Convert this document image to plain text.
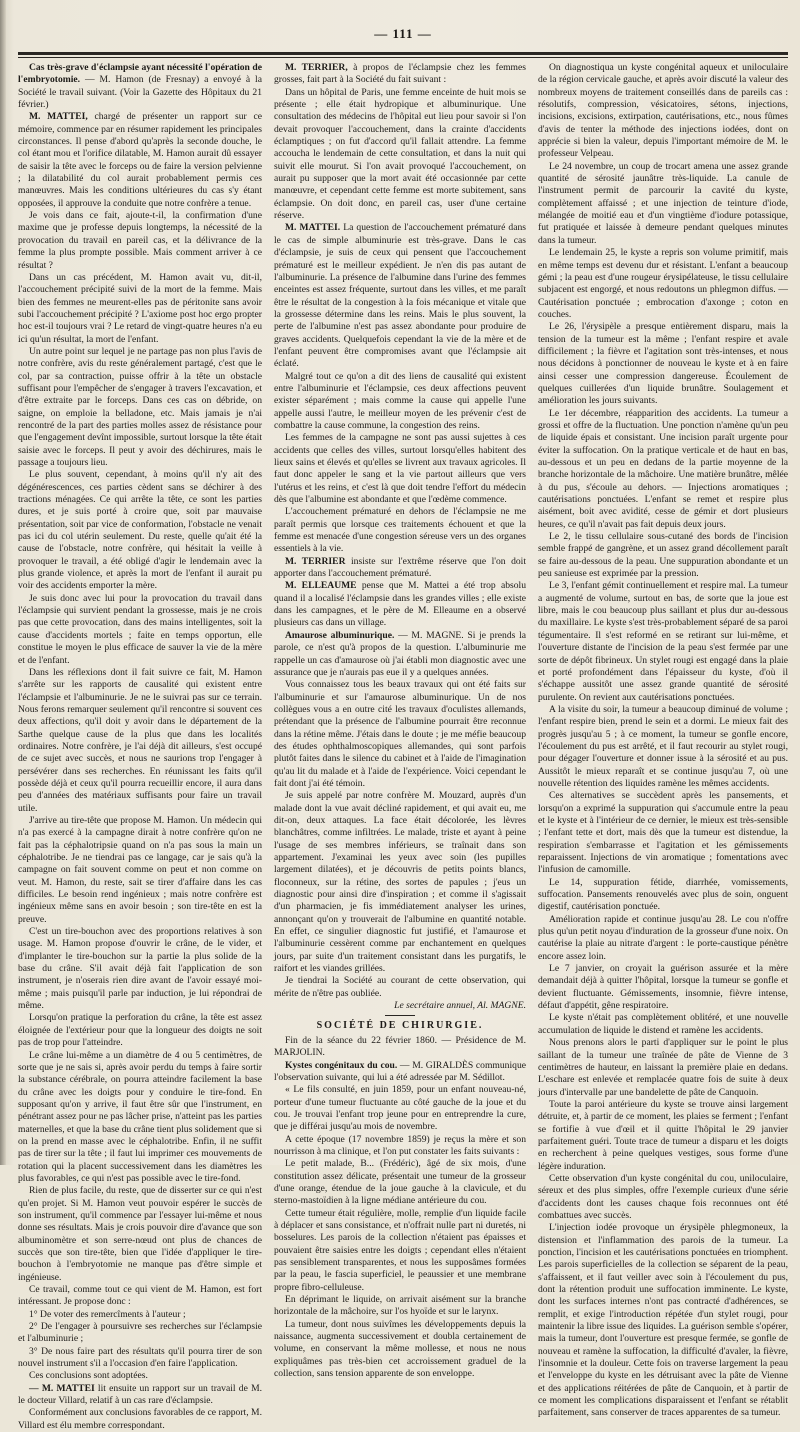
— 111 —

Cas très-grave d'éclampsie ayant nécessité l'opération de l'embryotomie. — M. Hamon (de Fresnay) a envoyé à la Société le travail suivant. (Voir la Gazette des Hôpitaux du 21 février.)

M. MATTEI, chargé de présenter un rapport sur ce mémoire, commence par en résumer rapidement les principales circonstances. Il pense d'abord qu'après la seconde douche, le col étant mou et l'orifice dilatable, M. Hamon aurait dû essayer de saisir la tête avec le forceps ou de faire la version pelvienne ; la dilatabilité du col aurait probablement permis ces manœuvres. Mais les conditions ultérieures du cas s'y étant opposées, il approuve la conduite que notre confrère a tenue.

Je vois dans ce fait, ajoute-t-il, la confirmation d'une maxime que je professe depuis longtemps, la nécessité de la provocation du travail en pareil cas, et la délivrance de la femme la plus prompte possible. Mais comment arriver à ce résultat ?

Dans un cas précédent, M. Hamon avait vu, dit-il, l'accouchement précipité suivi de la mort de la femme. Mais bien des femmes ne meurent-elles pas de péritonite sans avoir subi l'accouchement précipité ? L'axiome post hoc ergo propter hoc est-il toujours vrai ? Le retard de vingt-quatre heures n'a eu ici qu'un résultat, la mort de l'enfant.

Un autre point sur lequel je ne partage pas non plus l'avis de notre confrère, avis du reste généralement partagé, c'est que le col, par sa contraction, puisse offrir à la tête un obstacle suffisant pour l'empêcher de s'engager à travers l'excavation, et d'être extraite par le forceps. Dans ces cas on débride, on saigne, on emploie la belladone, etc. Mais jamais je n'ai rencontré de la part des parties molles assez de résistance pour que l'engagement devînt impossible, surtout lorsque la tête était saisie avec le forceps. Il peut y avoir des déchirures, mais le passage a toujours lieu.

Le plus souvent, cependant, à moins qu'il n'y ait des dégénérescences, ces parties cèdent sans se déchirer à des tractions ménagées. Ce qui arrête la tête, ce sont les parties dures, et je suis porté à croire que, soit par mauvaise présentation, soit par vice de conformation, l'obstacle ne venait pas ici du col utérin seulement. Du reste, quelle qu'ait été la cause de l'obstacle, notre confrère, qui hésitait la veille à provoquer le travail, a été obligé d'agir le lendemain avec la plus grande violence, et après la mort de l'enfant il aurait pu voir des accidents emporter la mère.

Je suis donc avec lui pour la provocation du travail dans l'éclampsie qui survient pendant la grossesse, mais je ne crois pas que cette provocation, dans des mains intelligentes, soit la cause d'accidents mortels ; faite en temps opportun, elle constitue le moyen le plus efficace de sauver la vie de la mère et de l'enfant.

Dans les réflexions dont il fait suivre ce fait, M. Hamon s'arrête sur les rapports de causalité qui existent entre l'éclampsie et l'albuminurie. Je ne le suivrai pas sur ce terrain. Nous ferons remarquer seulement qu'il rencontre si souvent ces deux affections, qu'il doit y avoir dans le département de la Sarthe quelque cause de la plus que dans les localités ordinaires. Notre confrère, je l'ai déjà dit ailleurs, s'est occupé de ce sujet avec succès, et nous ne saurions trop l'engager à persévérer dans ses recherches. En réunissant les faits qu'il possède déjà et ceux qu'il pourra recueillir encore, il aura dans peu d'années des matériaux suffisants pour faire un travail utile.

J'arrive au tire-tête que propose M. Hamon. Un médecin qui n'a pas exercé à la campagne dirait à notre confrère qu'on ne fait pas la céphalotripsie quand on n'a pas sous la main un céphalotribe. Je ne tiendrai pas ce langage, car je sais qu'à la campagne on fait souvent comme on peut et non comme on veut. M. Hamon, du reste, sait se tirer d'affaire dans les cas difficiles. Le besoin rend ingénieux ; mais notre confrère est ingénieux même sans en avoir besoin ; son tire-tête en est la preuve.

C'est un tire-bouchon avec des proportions relatives à son usage. M. Hamon propose d'ouvrir le crâne, de le vider, et d'implanter le tire-bouchon sur la partie la plus solide de la base du crâne. S'il avait déjà fait l'application de son instrument, je n'oserais rien dire avant de l'avoir essayé moi-même ; mais puisqu'il parle par induction, je lui répondrai de même.

Lorsqu'on pratique la perforation du crâne, la tête est assez éloignée de l'extérieur pour que la longueur des doigts ne soit pas de trop pour l'atteindre.

Le crâne lui-même a un diamètre de 4 ou 5 centimètres, de sorte que je ne sais si, après avoir perdu du temps à faire sortir la substance cérébrale, on pourra atteindre facilement la base du crâne avec les doigts pour y conduire le tire-fond. En supposant qu'on y arrive, il faut être sûr que l'instrument, en pénétrant assez pour ne pas lâcher prise, n'atteint pas les parties maternelles, et que la base du crâne tient plus solidement que si on la prend en masse avec le céphalotribe. Enfin, il ne suffit pas de tirer sur la tête ; il faut lui imprimer ces mouvements de rotation qui la placent successivement dans les diamètres les plus favorables, ce qui n'est pas possible avec le tire-fond.

Rien de plus facile, du reste, que de disserter sur ce qui n'est qu'en projet. Si M. Hamon veut pouvoir espérer le succès de son instrument, qu'il commence par l'essayer lui-même et nous donne ses résultats. Mais je crois pouvoir dire d'avance que son albuminomètre et son serre-nœud ont plus de chances de succès que son tire-tête, bien que l'idée d'appliquer le tire-bouchon à l'embryotomie ne manque pas d'être simple et ingénieuse.

Ce travail, comme tout ce qui vient de M. Hamon, est fort intéressant. Je propose donc :

1° De voter des remercîments à l'auteur ;

2° De l'engager à poursuivre ses recherches sur l'éclampsie et l'albuminurie ;

3° De nous faire part des résultats qu'il pourra tirer de son nouvel instrument s'il a l'occasion d'en faire l'application.

Ces conclusions sont adoptées.

— M. MATTEI lit ensuite un rapport sur un travail de M. le docteur Villard, relatif à un cas rare d'éclampsie.

Conformément aux conclusions favorables de ce rapport, M. Villard est élu membre correspondant.

M. TERRIER, à propos de l'éclampsie chez les femmes grosses, fait part à la Société du fait suivant :

Dans un hôpital de Paris, une femme enceinte de huit mois se présente ; elle était hydropique et albuminurique. Une consultation des médecins de l'hôpital eut lieu pour savoir si l'on devait provoquer l'accouchement, dans la crainte d'accidents éclamptiques ; on fut d'accord qu'il fallait attendre. La femme accoucha le lendemain de cette consultation, et dans la nuit qui suivit elle mourut. Si l'on avait provoqué l'accouchement, on aurait pu supposer que la mort avait été occasionnée par cette manœuvre, et cependant cette femme est morte subitement, sans éclampsie. On doit donc, en pareil cas, user d'une certaine réserve.

M. MATTEI. La question de l'accouchement prématuré dans le cas de simple albuminurie est très-grave. Dans le cas d'éclampsie, je suis de ceux qui pensent que l'accouchement prématuré est le meilleur expédient. Je n'en dis pas autant de l'albuminurie. La présence de l'albumine dans l'urine des femmes enceintes est assez fréquente, surtout dans les villes, et me paraît être le résultat de la congestion à la fois mécanique et vitale que la grossesse détermine dans les reins. Mais le plus souvent, la perte de l'albumine n'est pas assez abondante pour produire de graves accidents. Quelquefois cependant la vie de la mère et de l'enfant peuvent être compromises avant que l'éclampsie ait éclaté.

Malgré tout ce qu'on a dit des liens de causalité qui existent entre l'albuminurie et l'éclampsie, ces deux affections peuvent exister séparément ; mais comme la cause qui appelle l'une appelle aussi l'autre, le meilleur moyen de les prévenir c'est de combattre la cause commune, la congestion des reins.

Les femmes de la campagne ne sont pas aussi sujettes à ces accidents que celles des villes, surtout lorsqu'elles habitent des lieux sains et élevés et qu'elles se livrent aux travaux agricoles. Il faut donc appeler le sang et la vie partout ailleurs que vers l'utérus et les reins, et c'est là que doit tendre l'effort du médecin dès que l'albumine est abondante et que l'œdème commence.

L'accouchement prématuré en dehors de l'éclampsie ne me paraît permis que lorsque ces traitements échouent et que la femme est menacée d'une congestion séreuse vers un des organes essentiels à la vie.

M. TERRIER insiste sur l'extrême réserve que l'on doit apporter dans l'accouchement prématuré.

M. ELLEAUME pense que M. Mattei a été trop absolu quand il a localisé l'éclampsie dans les grandes villes ; elle existe dans les campagnes, et le père de M. Elleaume en a observé plusieurs cas dans un village.

Amaurose albuminurique. — M. MAGNE. Si je prends la parole, ce n'est qu'à propos de la question. L'albuminurie me rappelle un cas d'amaurose où j'ai établi mon diagnostic avec une assurance que je n'aurais pas eue il y a quelques années.

Vous connaissez tous les beaux travaux qui ont été faits sur l'albuminurie et sur l'amaurose albuminurique. Un de nos collègues vous a en outre cité les travaux d'oculistes allemands, prétendant que la présence de l'albumine pourrait être reconnue dans la rétine même. J'étais dans le doute ; je me méfie beaucoup des études ophthalmoscopiques allemandes, qui sont parfois plutôt faites dans le silence du cabinet et à l'aide de l'imagination qu'au lit du malade et à l'aide de l'expérience. Voici cependant le fait dont j'ai été témoin.

Je suis appelé par notre confrère M. Mouzard, auprès d'un malade dont la vue avait décliné rapidement, et qui avait eu, me dit-on, deux attaques. La face était décolorée, les lèvres blanchâtres, comme infiltrées. Le malade, triste et ayant à peine l'usage de ses membres inférieurs, se traînait dans son appartement. J'examinai les yeux avec soin (les pupilles largement dilatées), et je découvris de petits points blancs, floconneux, sur la rétine, des sortes de papules ; j'eus un diagnostic pour ainsi dire d'inspiration ; et comme il s'agissait d'un pharmacien, je fis immédiatement analyser les urines, annonçant qu'on y trouverait de l'albumine en quantité notable. En effet, ce singulier diagnostic fut justifié, et l'amaurose et l'albuminurie cessèrent comme par enchantement en quelques jours, par suite d'un traitement consistant dans les purgatifs, le raifort et les viandes grillées.

Je tiendrai la Société au courant de cette observation, qui mérite de n'être pas oubliée.

Le secrétaire annuel, Al. MAGNE.

SOCIÉTÉ DE CHIRURGIE.

Fin de la séance du 22 février 1860. — Présidence de M. MARJOLIN.

Kystes congénitaux du cou. — M. GIRALDÈS communique l'observation suivante, qui lui a été adressée par M. Sédillot.

« Le fils consulté, en juin 1859, pour un enfant nouveau-né, porteur d'une tumeur fluctuante au côté gauche de la joue et du cou. Je trouvai l'enfant trop jeune pour en entreprendre la cure, que je différai jusqu'au mois de novembre.

A cette époque (17 novembre 1859) je reçus la mère et son nourrisson à ma clinique, et l'on put constater les faits suivants :

Le petit malade, B... (Frédéric), âgé de six mois, d'une constitution assez délicate, présentait une tumeur de la grosseur d'une orange, étendue de la joue gauche à la clavicule, et du sterno-mastoïdien à la ligne médiane antérieure du cou.

Cette tumeur était régulière, molle, remplie d'un liquide facile à déplacer et sans consistance, et n'offrait nulle part ni duretés, ni bosselures. Les parois de la collection n'étaient pas épaisses et pouvaient être saisies entre les doigts ; cependant elles n'étaient pas sensiblement transparentes, et nous les supposâmes formées par la peau, le fascia superficiel, le peaussier et une membrane propre fibro-celluleuse.

En déprimant le liquide, on arrivait aisément sur la branche horizontale de la mâchoire, sur l'os hyoïde et sur le larynx.

La tumeur, dont nous suivîmes les développements depuis la naissance, augmenta successivement et doubla certainement de volume, en conservant la même mollesse, et nous ne nous expliquâmes pas très-bien cet accroissement graduel de la collection, sans tension apparente de son enveloppe.

On diagnostiqua un kyste congénital aqueux et uniloculaire de la région cervicale gauche, et après avoir discuté la valeur des nombreux moyens de traitement conseillés dans de pareils cas : résolutifs, compression, vésicatoires, sétons, injections, incisions, excisions, extirpation, cautérisations, etc., nous fûmes d'avis de tenter la méthode des injections iodées, dont on apprécie si bien la valeur, depuis l'important mémoire de M. le professeur Velpeau.

Le 24 novembre, un coup de trocart amena une assez grande quantité de sérosité jaunâtre très-liquide. La canule de l'instrument permit de parcourir la cavité du kyste, complètement affaissé ; et une injection de teinture d'iode, mélangée de moitié eau et d'un vingtième d'iodure potassique, fut pratiquée et laissée à demeure pendant quelques minutes dans la tumeur.

Le lendemain 25, le kyste a repris son volume primitif, mais en même temps est devenu dur et résistant. L'enfant a beaucoup gémi ; la peau est d'une rougeur érysipélateuse, le tissu cellulaire subjacent est engorgé, et nous redoutons un phlegmon diffus. — Cautérisation ponctuée ; embrocation d'axonge ; coton en couches.

Le 26, l'érysipèle a presque entièrement disparu, mais la tension de la tumeur est la même ; l'enfant respire et avale difficilement ; la fièvre et l'agitation sont très-intenses, et nous nous décidons à ponctionner de nouveau le kyste et à en faire ainsi cesser une compression dangereuse. Écoulement de quelques cuillerées d'un liquide brunâtre. Soulagement et amélioration les jours suivants.

Le 1er décembre, réapparition des accidents. La tumeur a grossi et offre de la fluctuation. Une ponction n'amène qu'un peu de liquide épais et consistant. Une incision paraît urgente pour éviter la suffocation. On la pratique verticale et de haut en bas, au-dessous et un peu en dedans de la partie moyenne de la branche horizontale de la mâchoire. Une matière brunâtre, mêlée à du pus, s'écoule au dehors. — Injections aromatiques ; cautérisations ponctuées. L'enfant se remet et respire plus aisément, boit avec avidité, cesse de gémir et dort plusieurs heures, ce qu'il n'avait pas fait depuis deux jours.

Le 2, le tissu cellulaire sous-cutané des bords de l'incision semble frappé de gangrène, et un assez grand décollement paraît se faire au-dessous de la peau. Une suppuration abondante et un peu sanieuse est exprimée par la pression.

Le 3, l'enfant gémit continuellement et respire mal. La tumeur a augmenté de volume, surtout en bas, de sorte que la joue est libre, mais le cou beaucoup plus saillant et plus dur au-dessous du maxillaire. Le kyste s'est très-probablement séparé de sa paroi tégumentaire. Il s'est reformé en se retirant sur lui-même, et l'ouverture distante de l'incision de la peau s'est fermée par une sorte de dépôt fibrineux. Un stylet rougi est engagé dans la plaie et porté profondément dans l'épaisseur du kyste, d'où il s'échappe aussitôt une assez grande quantité de sérosité purulente. On revient aux cautérisations ponctuées.

A la visite du soir, la tumeur a beaucoup diminué de volume ; l'enfant respire bien, prend le sein et a dormi. Le mieux fait des progrès jusqu'au 5 ; à ce moment, la tumeur se gonfle encore, l'écoulement du pus est arrêté, et il faut recourir au stylet rougi, pour dégager l'ouverture et donner issue à la sérosité et au pus. Aussitôt le mieux reparaît et se continue jusqu'au 7, où une nouvelle rétention des liquides ramène les mêmes accidents.

Ces alternatives se succèdent après les pansements, et lorsqu'on a exprimé la suppuration qui s'accumule entre la peau et le kyste et à l'intérieur de ce dernier, le mieux est très-sensible ; l'enfant tette et dort, mais dès que la tumeur est distendue, la respiration s'embarrasse et l'agitation et les gémissements reparaissent. Injections de vin aromatique ; fomentations avec l'infusion de camomille.

Le 14, suppuration fétide, diarrhée, vomissements, suffocation. Pansements renouvelés avec plus de soin, onguent digestif, cautérisation ponctuée.

Amélioration rapide et continue jusqu'au 28. Le cou n'offre plus qu'un petit noyau d'induration de la grosseur d'une noix. On cautérise la plaie au nitrate d'argent : le porte-caustique pénètre encore assez loin.

Le 7 janvier, on croyait la guérison assurée et la mère demandait déjà à quitter l'hôpital, lorsque la tumeur se gonfle et devient fluctuante. Gémissements, insomnie, fièvre intense, défaut d'appétit, gêne respiratoire.

Le kyste n'était pas complètement oblitéré, et une nouvelle accumulation de liquide le distend et ramène les accidents.

Nous prenons alors le parti d'appliquer sur le point le plus saillant de la tumeur une traînée de pâte de Vienne de 3 centimètres de hauteur, en laissant la première plaie en dedans. L'eschare est enlevée et remplacée quatre fois de suite à deux jours d'intervalle par une bandelette de pâte de Canquoin.

Toute la paroi antérieure du kyste se trouve ainsi largement détruite, et, à partir de ce moment, les plaies se ferment ; l'enfant se fortifie à vue d'œil et il quitte l'hôpital le 29 janvier parfaitement guéri. Toute trace de tumeur a disparu et les doigts en recherchent à peine quelques vestiges, sous forme d'une légère induration.

Cette observation d'un kyste congénital du cou, uniloculaire, séreux et des plus simples, offre l'exemple curieux d'une série d'accidents dont les causes chaque fois reconnues ont été combattues avec succès.

L'injection iodée provoque un érysipèle phlegmoneux, la distension et l'inflammation des parois de la tumeur. La ponction, l'incision et les cautérisations ponctuées en triomphent. Les parois superficielles de la collection se séparent de la peau, s'affaissent, et il faut veiller avec soin à l'écoulement du pus, dont la rétention produit une suffocation imminente. Le kyste, dont les surfaces internes n'ont pas contracté d'adhérences, se remplit, et exige l'introduction répétée d'un stylet rougi, pour maintenir la libre issue des liquides. La guérison semble s'opérer, mais la tumeur, dont l'ouverture est presque fermée, se gonfle de nouveau et ramène la suffocation, la difficulté d'avaler, la fièvre, l'insomnie et la douleur. Cette fois on traverse largement la peau et l'enveloppe du kyste en les détruisant avec la pâte de Vienne et des applications réitérées de pâte de Canquoin, et à partir de ce moment les complications disparaissent et l'enfant se rétablit parfaitement, sans conserver de traces apparentes de sa tumeur.
